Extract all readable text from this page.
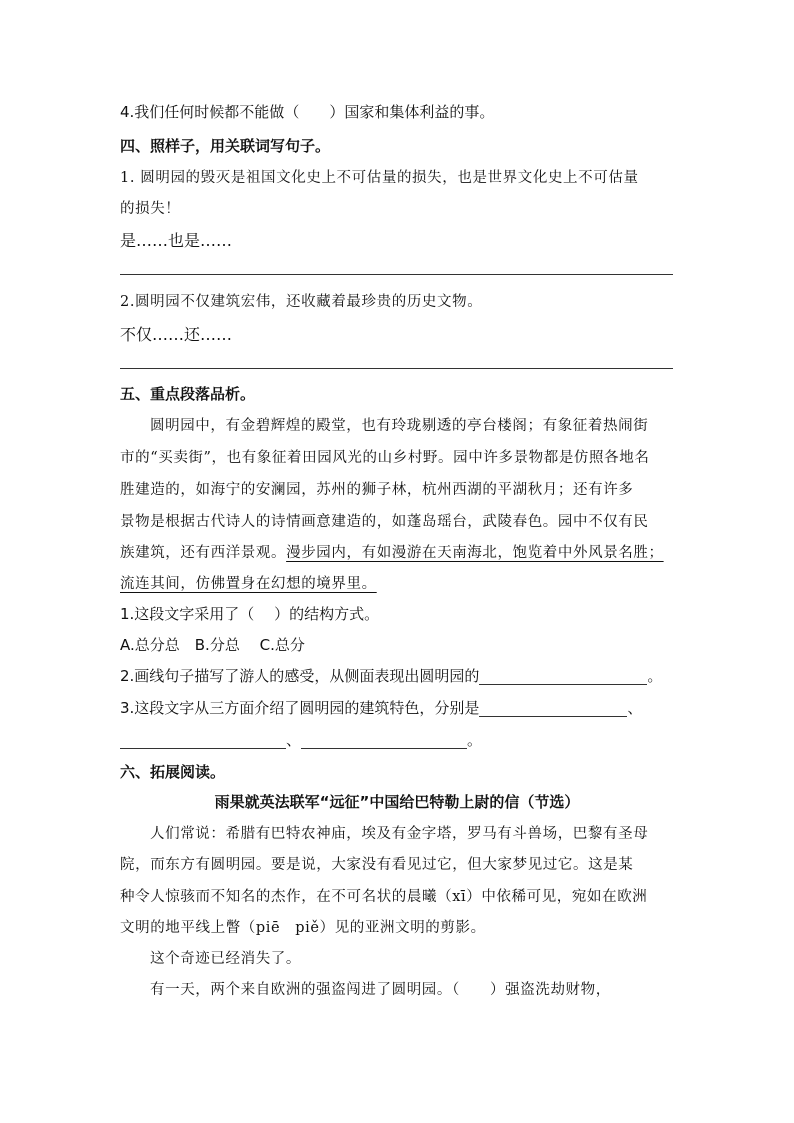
4.我们任何时候都不能做（　　）国家和集体利益的事。
四、照样子，用关联词写句子。
1. 圆明园的毁灭是祖国文化史上不可估量的损失，也是世界文化史上不可估量
的损失！
是……也是……
2.圆明园不仅建筑宏伟，还收藏着最珍贵的历史文物。
不仅……还……
五、重点段落品析。
圆明园中，有金碧辉煌的殿堂，也有玲珑剔透的亭台楼阁；有象征着热闹街
市的“买卖街”，也有象征着田园风光的山乡村野。园中许多景物都是仿照各地名
胜建造的，如海宁的安澜园，苏州的狮子林，杭州西湖的平湖秋月；还有许多
景物是根据古代诗人的诗情画意建造的，如蓬岛瑶台，武陵春色。园中不仅有民
族建筑，还有西洋景观。漫步园内，有如漫游在天南海北，饱览着中外风景名胜；
流连其间，仿佛置身在幻想的境界里。
1.这段文字采用了（　 ）的结构方式。
A.总分总　B.分总　 C.总分
2.画线句子描写了游人的感受，从侧面表现出圆明园的	。
3.这段文字从三方面介绍了圆明园的建筑特色，分别是	、
、	。
六、拓展阅读。
雨果就英法联军“远征”中国给巴特勒上尉的信（节选）
人们常说：希腊有巴特农神庙，埃及有金字塔，罗马有斗兽场，巴黎有圣母
院，而东方有圆明园。要是说，大家没有看见过它，但大家梦见过它。这是某
种令人惊骇而不知名的杰作，在不可名状的晨曦（xī）中依稀可见，宛如在欧洲
文明的地平线上瞥（piē　piě）见的亚洲文明的剪影。
这个奇迹已经消失了。
有一天，两个来自欧洲的强盗闯进了圆明园。（　　）强盗洗劫财物，
